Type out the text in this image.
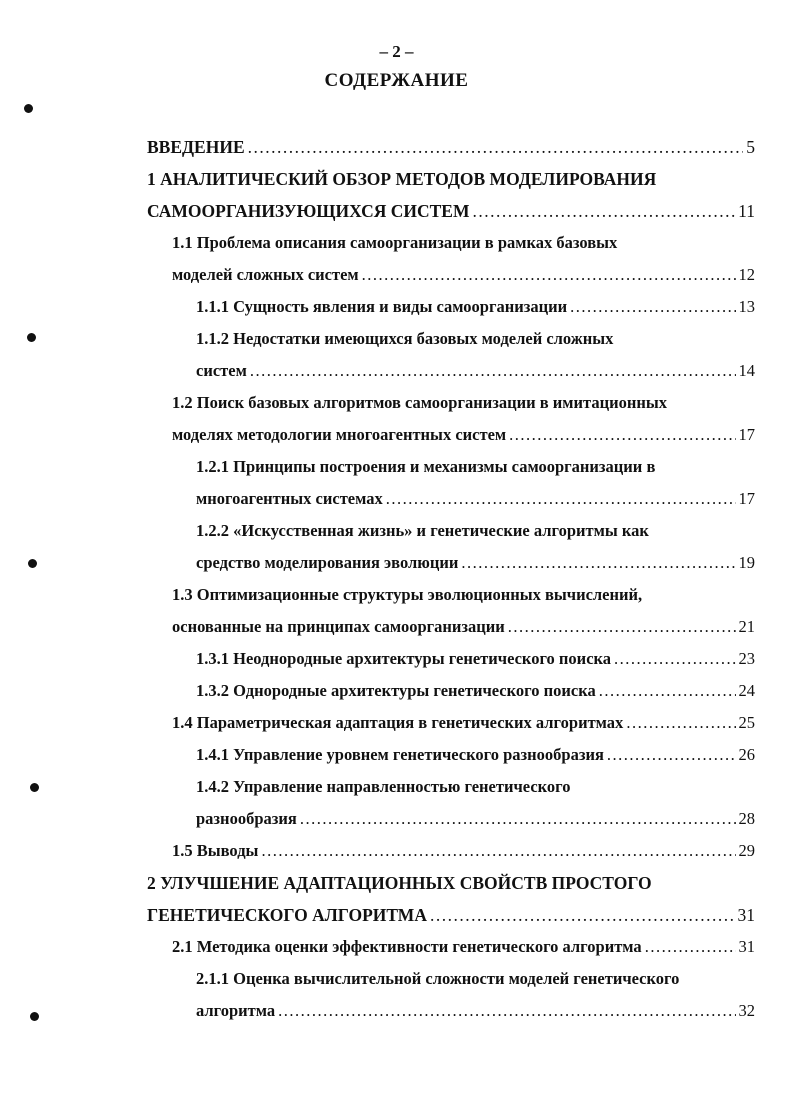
– 2 –
СОДЕРЖАНИЕ
ВВЕДЕНИЕ .....	5
1 АНАЛИТИЧЕСКИЙ ОБЗОР МЕТОДОВ МОДЕЛИРОВАНИЯ
САМООРГАНИЗУЮЩИХСЯ СИСТЕМ .....	11
1.1 Проблема описания самоорганизации в рамках базовых
моделей сложных систем .....	12
1.1.1 Сущность явления и виды самоорганизации .....	13
1.1.2 Недостатки имеющихся базовых моделей сложных
систем .....	14
1.2 Поиск базовых алгоритмов самоорганизации в имитационных
моделях методологии многоагентных систем .....	17
1.2.1 Принципы построения и механизмы самоорганизации в
многоагентных системах .....	17
1.2.2 «Искусственная жизнь» и генетические алгоритмы как
средство моделирования эволюции .....	19
1.3 Оптимизационные структуры эволюционных вычислений,
основанные на принципах самоорганизации .....	21
1.3.1 Неоднородные архитектуры генетического поиска .....	23
1.3.2 Однородные архитектуры генетического поиска .....	24
1.4 Параметрическая адаптация в генетических алгоритмах .....	25
1.4.1 Управление уровнем генетического разнообразия .....	26
1.4.2 Управление направленностью генетического
разнообразия .....	28
1.5 Выводы .....	29
2 УЛУЧШЕНИЕ АДАПТАЦИОННЫХ СВОЙСТВ ПРОСТОГО
ГЕНЕТИЧЕСКОГО АЛГОРИТМА .....	31
2.1 Методика оценки эффективности генетического алгоритма .....	31
2.1.1 Оценка вычислительной сложности моделей генетического
алгоритма .....	32
